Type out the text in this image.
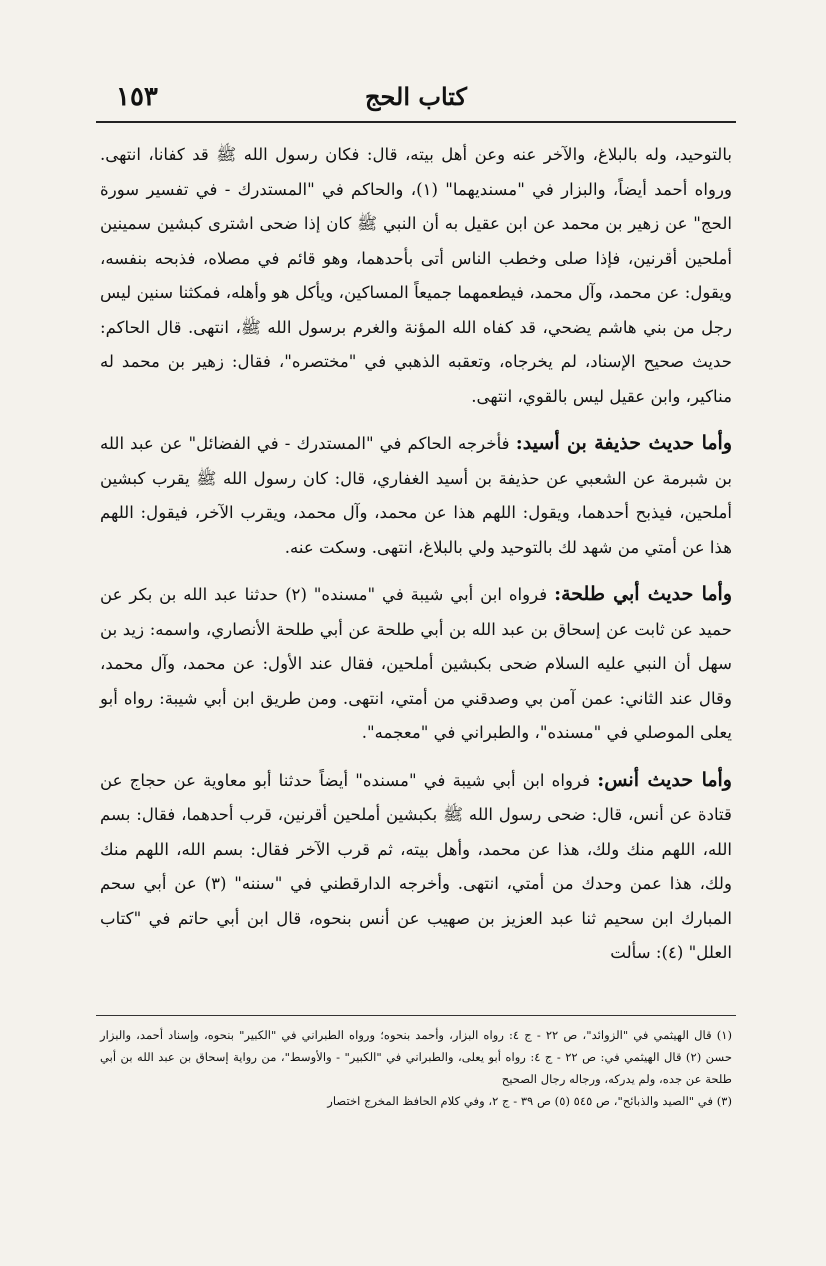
كتاب الحج
١٥٣

بالتوحيد، وله بالبلاغ، والآخر عنه وعن أهل بيته، قال: فكان رسول الله ﷺ قد كفانا، انتهى. ورواه أحمد أيضاً، والبزار في "مسنديهما" (١)، والحاكم في "المستدرك - في تفسير سورة الحج" عن زهير بن محمد عن ابن عقيل به أن النبي ﷺ كان إذا ضحى اشترى كبشين سمينين أملحين أقرنين، فإذا صلى وخطب الناس أتى بأحدهما، وهو قائم في مصلاه، فذبحه بنفسه، ويقول: عن محمد، وآل محمد، فيطعمهما جميعاً المساكين، ويأكل هو وأهله، فمكثنا سنين ليس رجل من بني هاشم يضحي، قد كفاه الله المؤنة والغرم برسول الله ﷺ، انتهى. قال الحاكم: حديث صحيح الإسناد، لم يخرجاه، وتعقبه الذهبي في "مختصره"، فقال: زهير بن محمد له مناكير، وابن عقيل ليس بالقوي، انتهى.

وأما حديث حذيفة بن أسيد: فأخرجه الحاكم في "المستدرك - في الفضائل" عن عبد الله بن شبرمة عن الشعبي عن حذيفة بن أسيد الغفاري، قال: كان رسول الله ﷺ يقرب كبشين أملحين، فيذبح أحدهما، ويقول: اللهم هذا عن محمد، وآل محمد، ويقرب الآخر، فيقول: اللهم هذا عن أمتي من شهد لك بالتوحيد ولي بالبلاغ، انتهى. وسكت عنه.

وأما حديث أبي طلحة: فرواه ابن أبي شيبة في "مسنده" (٢) حدثنا عبد الله بن بكر عن حميد عن ثابت عن إسحاق بن عبد الله بن أبي طلحة عن أبي طلحة الأنصاري، واسمه: زيد بن سهل أن النبي عليه السلام ضحى بكبشين أملحين، فقال عند الأول: عن محمد، وآل محمد، وقال عند الثاني: عمن آمن بي وصدقني من أمتي، انتهى. ومن طريق ابن أبي شيبة: رواه أبو يعلى الموصلي في "مسنده"، والطبراني في "معجمه".

وأما حديث أنس: فرواه ابن أبي شيبة في "مسنده" أيضاً حدثنا أبو معاوية عن حجاج عن قتادة عن أنس، قال: ضحى رسول الله ﷺ بكبشين أملحين أقرنين، قرب أحدهما، فقال: بسم الله، اللهم منك ولك، هذا عن محمد، وأهل بيته، ثم قرب الآخر فقال: بسم الله، اللهم منك ولك، هذا عمن وحدك من أمتي، انتهى. وأخرجه الدارقطني في "سننه" (٣) عن أبي سحم المبارك ابن سحيم ثنا عبد العزيز بن صهيب عن أنس بنحوه، قال ابن أبي حاتم في "كتاب العلل" (٤): سألت

(١) قال الهيثمي في "الزوائد"، ص ٢٢ - ج ٤: رواه البزار، وأحمد بنحوه؛ ورواه الطبراني في "الكبير" بنحوه، وإسناد أحمد، والبزار حسن (٢) قال الهيثمي في: ص ٢٢ - ج ٤: رواه أبو يعلى، والطبراني في "الكبير" - والأوسط"، من رواية إسحاق بن عبد الله بن أبي طلحة عن جده، ولم يدركه، ورجاله رجال الصحيح

(٣) في "الصيد والذبائح"، ص ٥٤٥ (٥) ص ٣٩ - ج ٢، وفي كلام الحافظ المخرج اختصار
